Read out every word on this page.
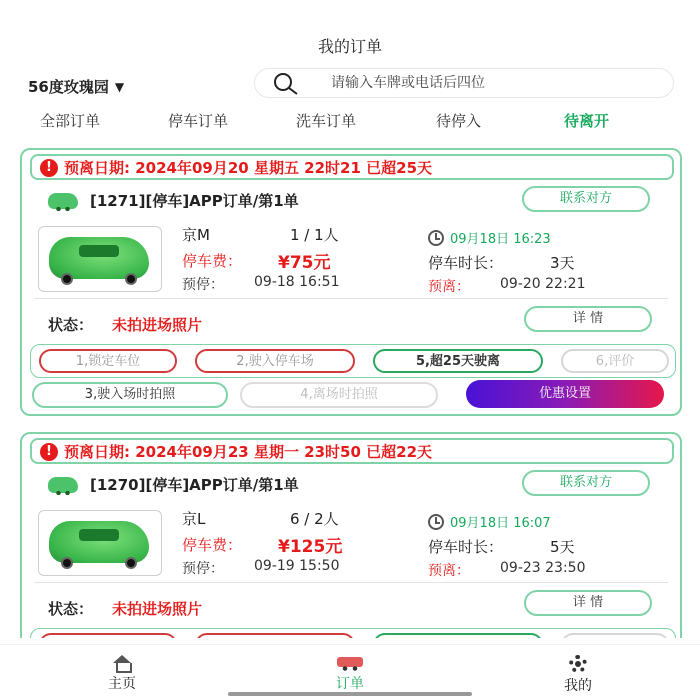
我的订单
56度玫瑰园 ▼
请输入车牌或电话后四位
全部订单	停车订单	洗车订单	待停入	待离开
! 预离日期: 2024年09月20 星期五 22时21 已超25天
[1271][停车]APP订单/第1单	联系对方
京M	1 / 1人	09月18日 16:23
停车费： ¥75元	停车时长：	3天
预停： 09-18 16:51	预离： 09-20 22:21
状态： 未拍进场照片	详 情
1,锁定车位	2,驶入停车场	5,超25天驶离	6,评价
3,驶入场时拍照	4,离场时拍照	优惠设置
! 预离日期: 2024年09月23 星期一 23时50 已超22天
[1270][停车]APP订单/第1单	联系对方
京L	6 / 2人	09月18日 16:07
停车费： ¥125元	停车时长：	5天
预停： 09-19 15:50	预离： 09-23 23:50
状态： 未拍进场照片	详 情
主页	订单	我的
